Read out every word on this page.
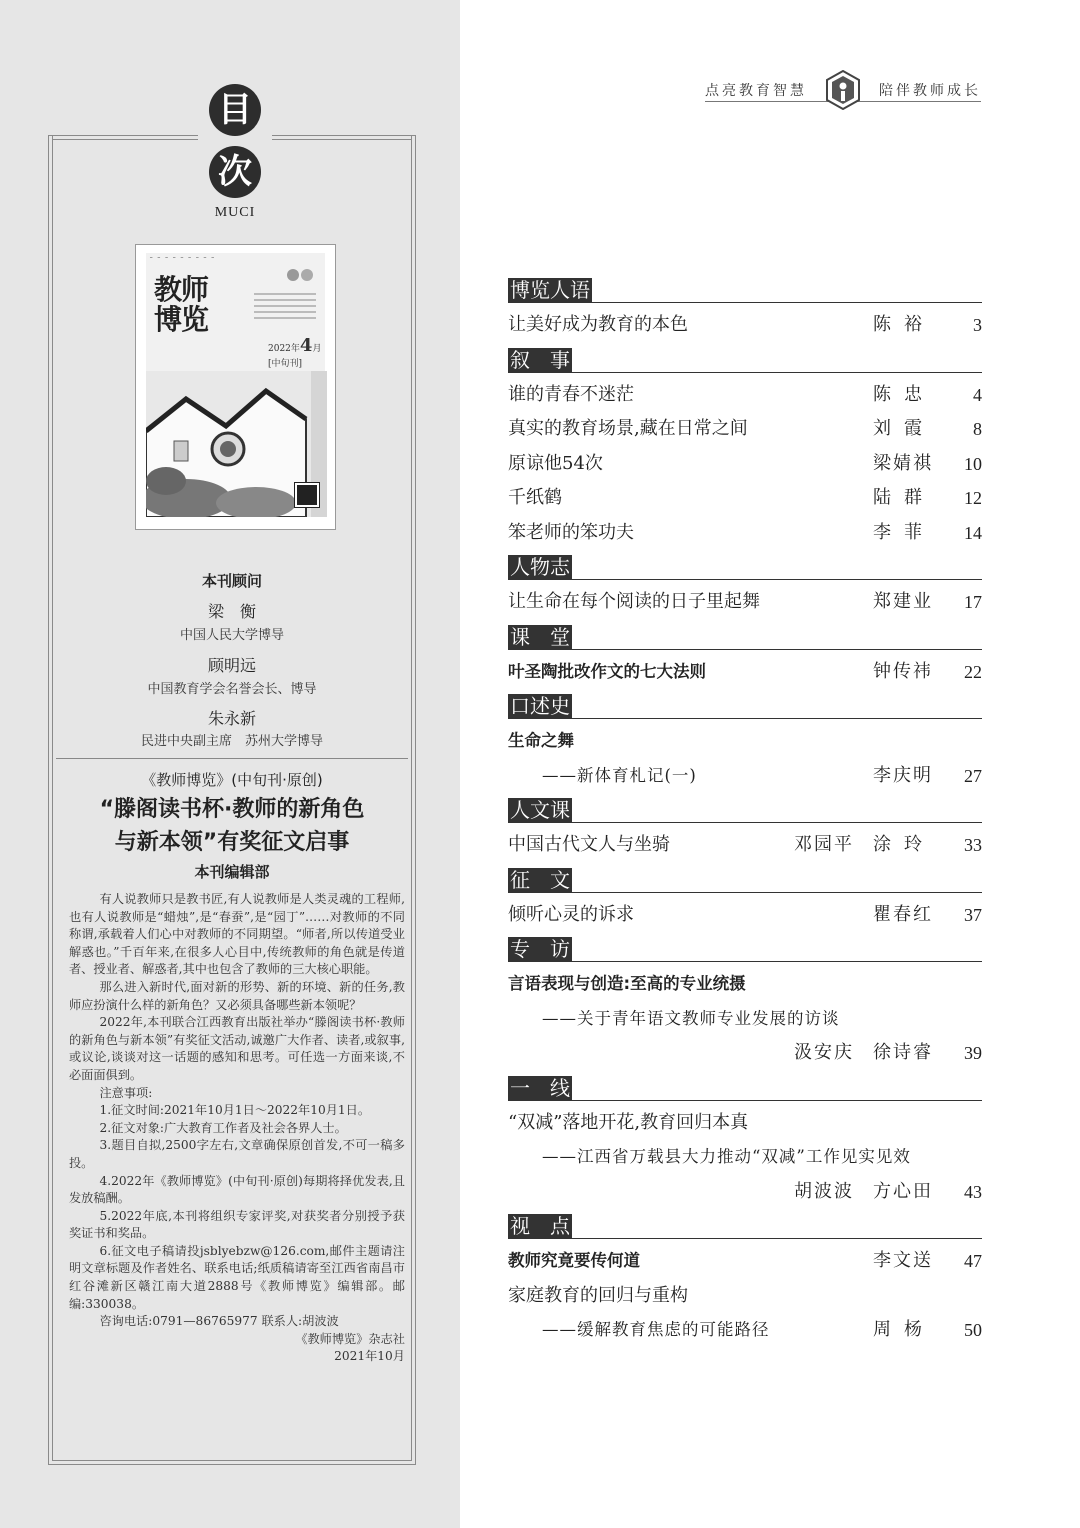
目
次
MUCI
━ ━ ━ ━ ━ ━ ━ ━ ━
教师
博览
2022年4月
[中旬刊]
本刊顾问
梁　衡
中国人民大学博导
顾明远
中国教育学会名誉会长、博导
朱永新
民进中央副主席　苏州大学博导
《教师博览》(中旬刊·原创)
“滕阁读书杯·教师的新角色
与新本领”有奖征文启事
本刊编辑部

有人说教师只是教书匠,有人说教师是人类灵魂的工程师,也有人说教师是“蜡烛”,是“春蚕”,是“园丁”……对教师的不同称谓,承载着人们心中对教师的不同期望。“师者,所以传道受业解惑也。”千百年来,在很多人心目中,传统教师的角色就是传道者、授业者、解惑者,其中也包含了教师的三大核心职能。

那么进入新时代,面对新的形势、新的环境、新的任务,教师应扮演什么样的新角色？又必须具备哪些新本领呢？

2022年,本刊联合江西教育出版社举办“滕阁读书杯·教师的新角色与新本领”有奖征文活动,诚邀广大作者、读者,或叙事,或议论,谈谈对这一话题的感知和思考。可任选一方面来谈,不必面面俱到。

注意事项:

1.征文时间:2021年10月1日～2022年10月1日。

2.征文对象:广大教育工作者及社会各界人士。

3.题目自拟,2500字左右,文章确保原创首发,不可一稿多投。

4.2022年《教师博览》(中旬刊·原创)每期将择优发表,且发放稿酬。

5.2022年底,本刊将组织专家评奖,对获奖者分别授予获奖证书和奖品。

6.征文电子稿请投jsblyebzw@126.com,邮件主题请注明文章标题及作者姓名、联系电话;纸质稿请寄至江西省南昌市红谷滩新区赣江南大道2888号《教师博览》编辑部。邮编:330038。

咨询电话:0791—86765977 联系人:胡波波

《教师博览》杂志社

2021年10月

点亮教育智慧	陪伴教师成长
博览人语
让美好成为教育的本色	陈裕 3
叙　事
谁的青春不迷茫	陈忠 4
真实的教育场景,藏在日常之间	刘霞 8
原谅他54次	梁婧祺 10
千纸鹤	陆群 12
笨老师的笨功夫	李菲 14
人物志
让生命在每个阅读的日子里起舞	郑建业 17
课　堂
叶圣陶批改作文的七大法则	钟传祎 22
口述史
生命之舞
——新体育札记(一)	李庆明 27
人文课
中国古代文人与坐骑	邓园平 涂玲 33
征　文
倾听心灵的诉求	瞿春红 37
专　访
言语表现与创造:至高的专业统摄
——关于青年语文教师专业发展的访谈
汲安庆 徐诗睿 39
一　线
“双减”落地开花,教育回归本真
——江西省万载县大力推动“双减”工作见实见效
胡波波 方心田 43
视　点
教师究竟要传何道	李文送 47
家庭教育的回归与重构
——缓解教育焦虑的可能路径	周杨 50
